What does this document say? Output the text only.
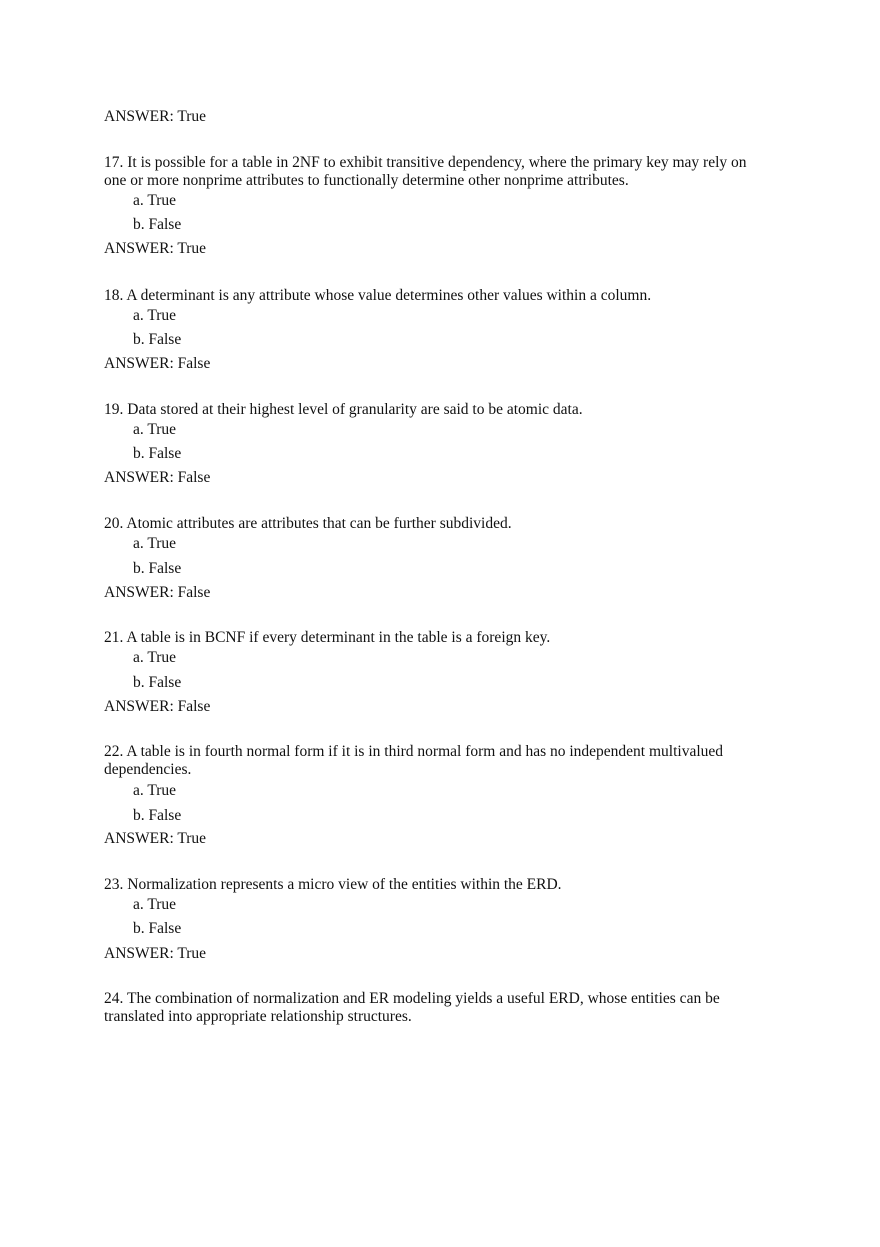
ANSWER: True
17. It is possible for a table in 2NF to exhibit transitive dependency, where the primary key may rely on one or more nonprime attributes to functionally determine other nonprime attributes.
a. True
b. False
ANSWER: True
18. A determinant is any attribute whose value determines other values within a column.
a. True
b. False
ANSWER: False
19. Data stored at their highest level of granularity are said to be atomic data.
a. True
b. False
ANSWER: False
20. Atomic attributes are attributes that can be further subdivided.
a. True
b. False
ANSWER: False
21. A table is in BCNF if every determinant in the table is a foreign key.
a. True
b. False
ANSWER: False
22. A table is in fourth normal form if it is in third normal form and has no independent multivalued dependencies.
a. True
b. False
ANSWER: True
23. Normalization represents a micro view of the entities within the ERD.
a. True
b. False
ANSWER: True
24. The combination of normalization and ER modeling yields a useful ERD, whose entities can be translated into appropriate relationship structures.
